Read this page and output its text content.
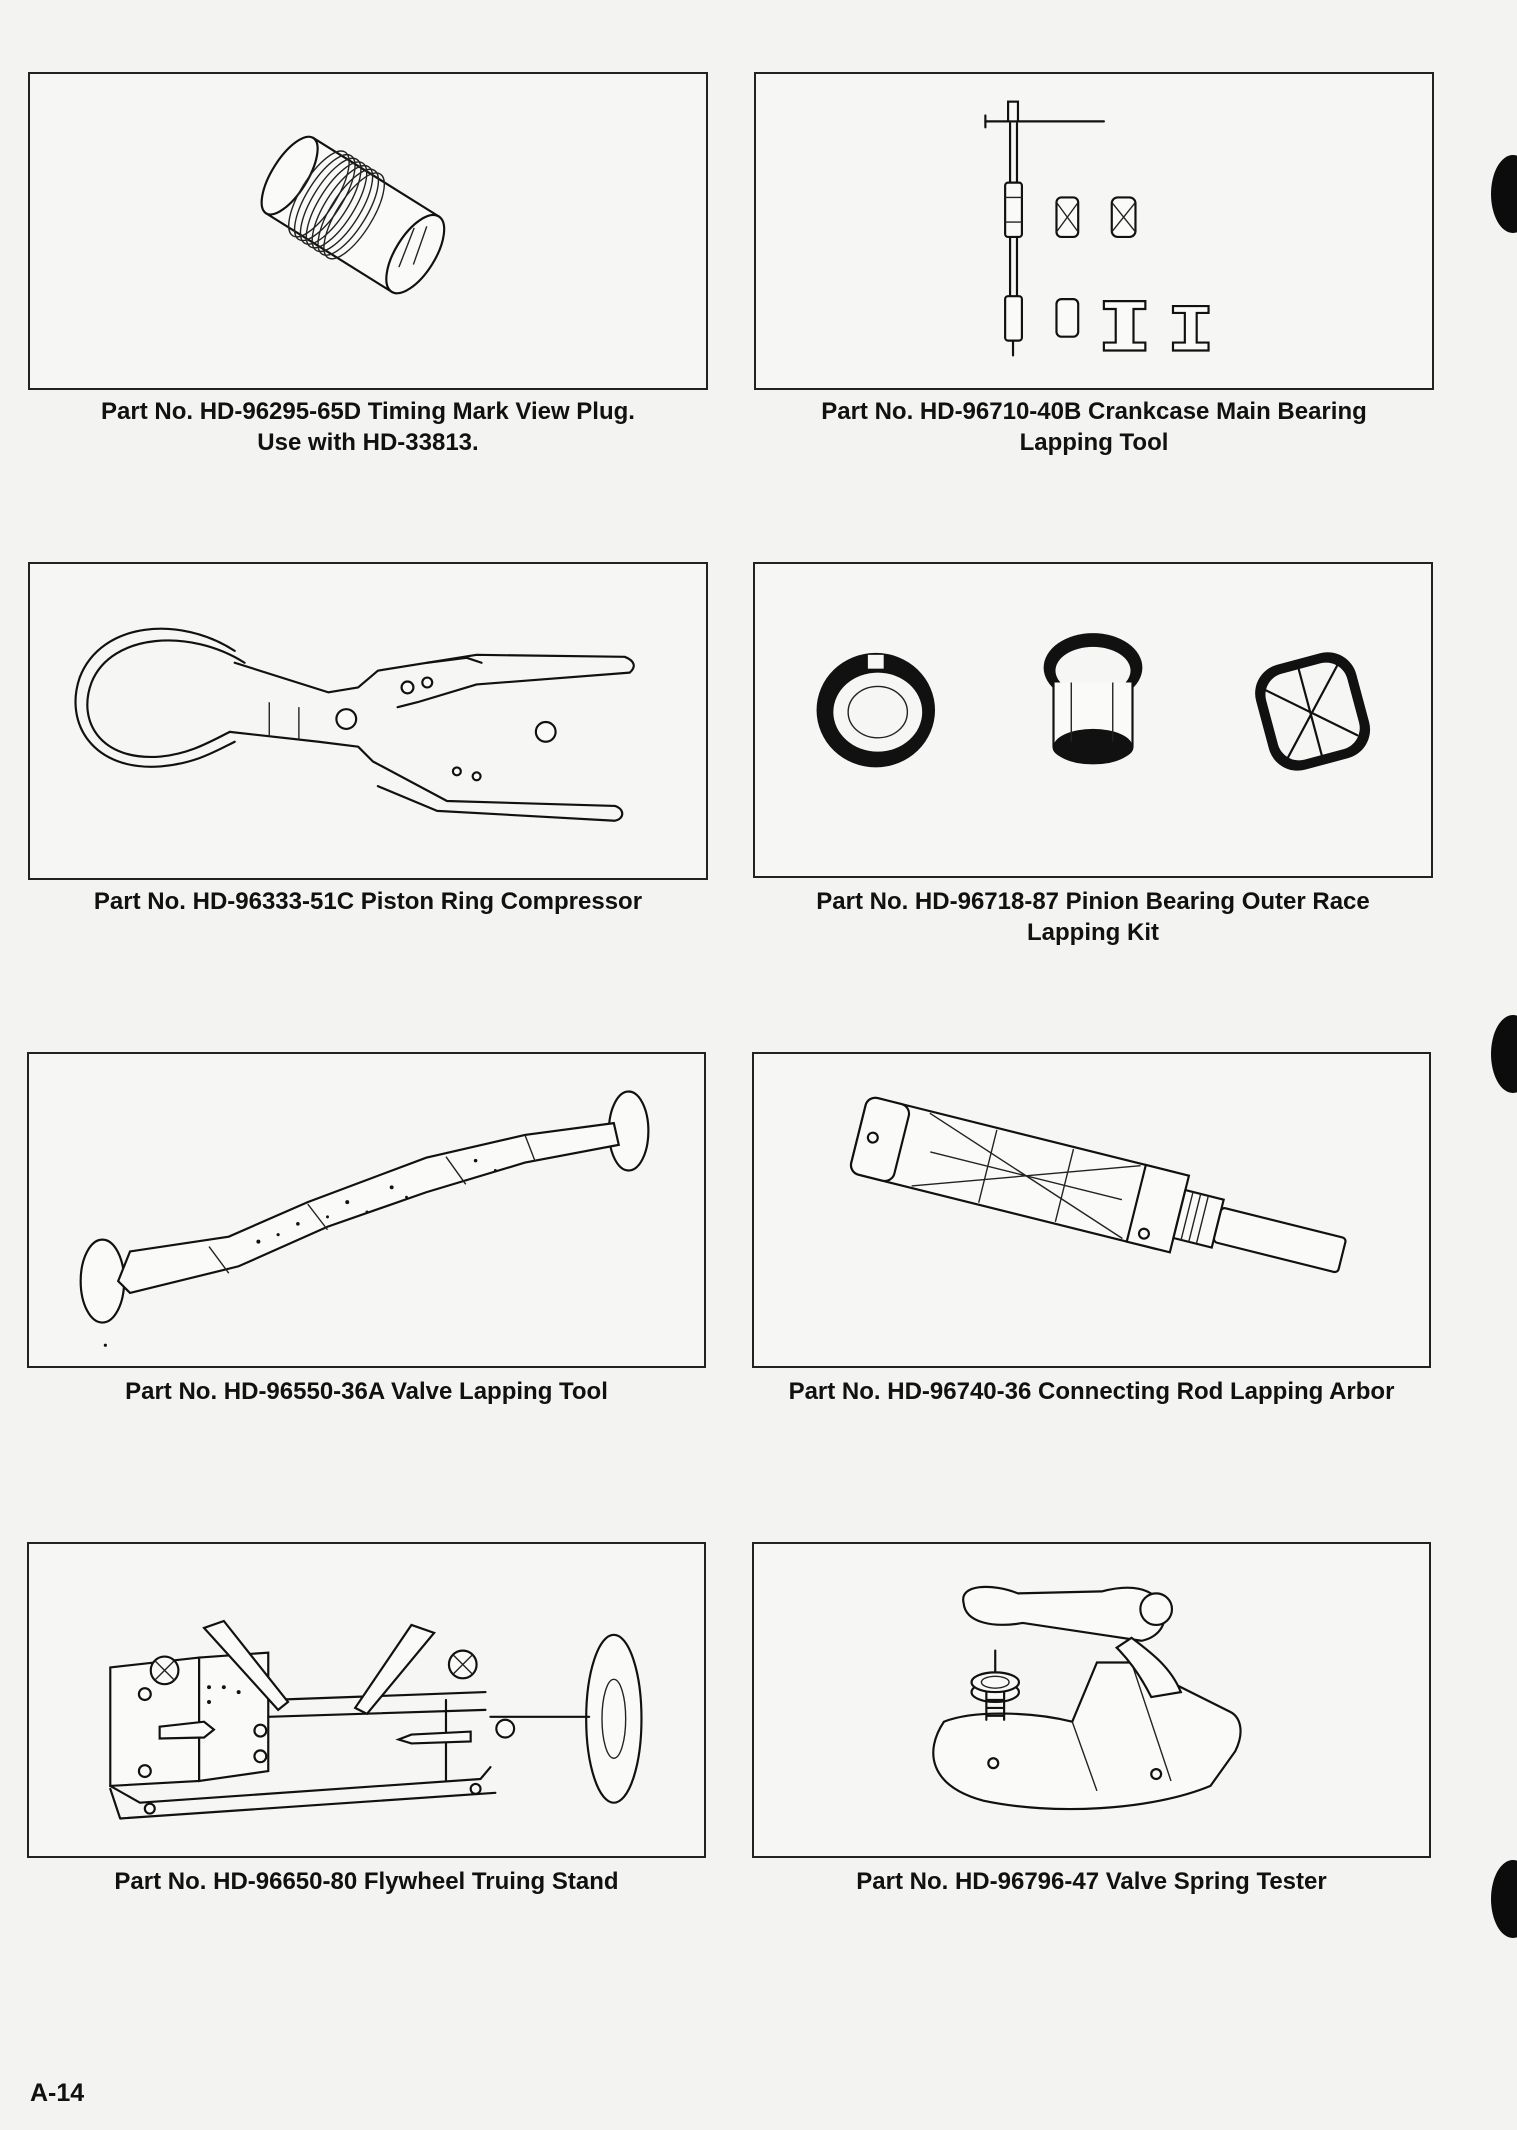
Part No. HD-96295-65D Timing Mark View Plug.
Use with HD-33813.
Part No. HD-96710-40B Crankcase Main Bearing
Lapping Tool
Part No. HD-96333-51C Piston Ring Compressor	Part No. HD-96718-87 Pinion Bearing Outer Race
Lapping Kit
Part No. HD-96550-36A Valve Lapping Tool	Part No. HD-96740-36 Connecting Rod Lapping Arbor
Part No. HD-96650-80 Flywheel Truing Stand	Part No. HD-96796-47 Valve Spring Tester
A-14
